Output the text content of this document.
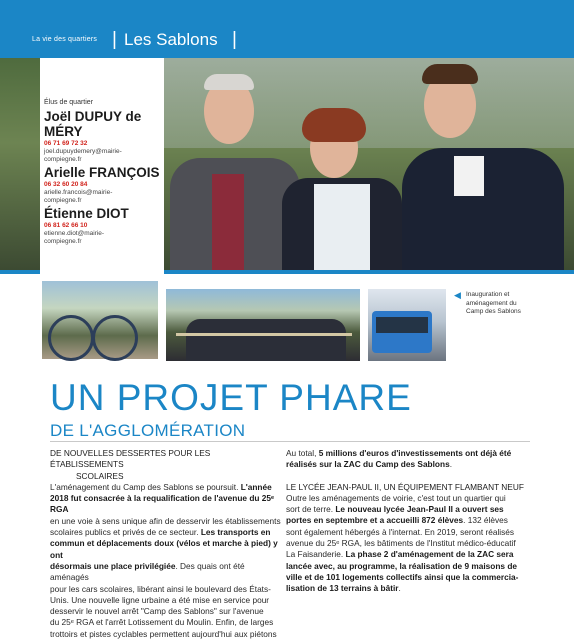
La vie des quartiers | Les Sablons |
Élus de quartier
Joël DUPUY de
MÉRY
06 71 69 72 32
joel.dupuydemery@mairie-
compiegne.fr
Arielle FRANÇOIS
06 32 60 20 84
arielle.francois@mairie-
compiegne.fr
Étienne DIOT
06 81 62 66 10
etienne.diot@mairie-
compiegne.fr
◀ Inauguration et
aménagement du
Camp des Sablons
UN PROJET PHARE
DE L'AGGLOMÉRATION
DE NOUVELLES DESSERTES POUR LES ÉTABLISSEMENTS
SCOLAIRES
L'aménagement du Camp des Sablons se poursuit. L'année
2018 fut consacrée à la requalification de l'avenue du 25ᵉ RGA
en une voie à sens unique afin de desservir les établissements
scolaires publics et privés de ce secteur. Les transports en
commun et déplacements doux (vélos et marche à pied) y ont
désormais une place privilégiée. Des quais ont été aménagés
pour les cars scolaires, libérant ainsi le boulevard des États-
Unis. Une nouvelle ligne urbaine a été mise en service pour
desservir le nouvel arrêt "Camp des Sablons" sur l'avenue
du 25ᵉ RGA et l'arrêt Lotissement du Moulin. Enfin, de larges
trottoirs et pistes cyclables permettent aujourd'hui aux piétons
Au total, 5 millions d'euros d'investissements ont déjà été
réalisés sur la ZAC du Camp des Sablons.
LE LYCÉE JEAN-PAUL II, UN ÉQUIPEMENT FLAMBANT NEUF
Outre les aménagements de voirie, c'est tout un quartier qui
sort de terre. Le nouveau lycée Jean-Paul II a ouvert ses
portes en septembre et a accueilli 872 élèves. 132 élèves
sont également hébergés à l'internat. En 2019, seront réalisés
avenue du 25ᵉ RGA, les bâtiments de l'Institut médico-éducatif
La Faisanderie. La phase 2 d'aménagement de la ZAC sera
lancée avec, au programme, la réalisation de 9 maisons de
ville et de 101 logements collectifs ainsi que la commercia-
lisation de 13 terrains à bâtir.
